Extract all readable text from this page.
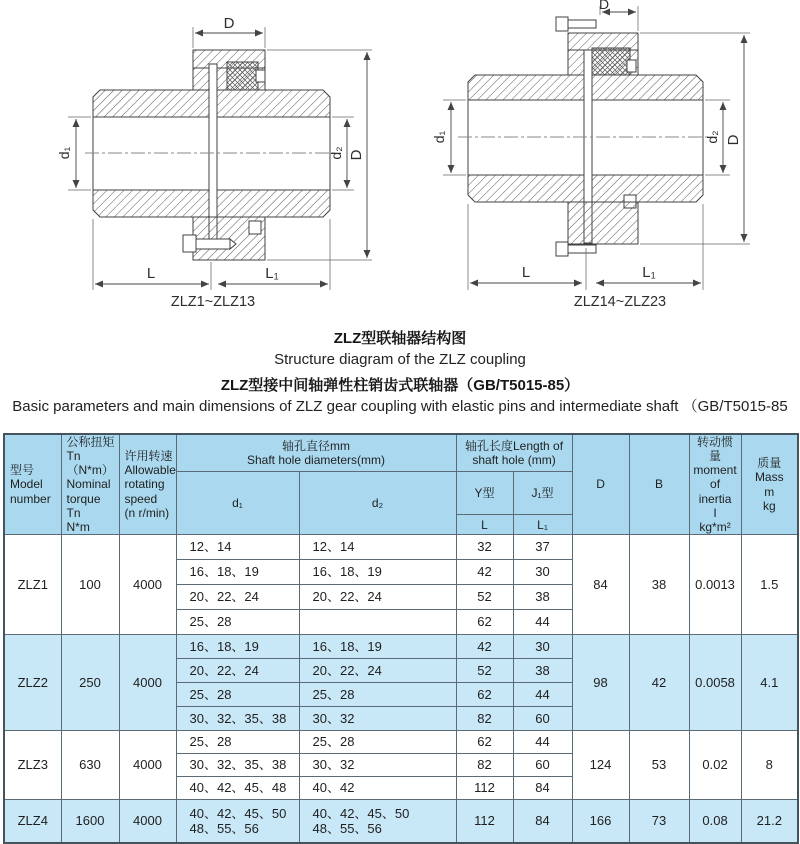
D
d₁	d₂ D
L	L₁
ZLZ1~ZLZ13
D
d₁	d₂ D
L	L₁
ZLZ14~ZLZ23
ZLZ型联轴器结构图
Structure diagram of the ZLZ coupling
ZLZ型接中间轴弹性柱销齿式联轴器（GB/T5015-85）
Basic parameters and main dimensions of ZLZ gear coupling with elastic pins and intermediate shaft （GB/T5015-85
型号
Model
number	公称扭矩
Tn（N*m）
Nominal
torque Tn
N*m	许用转速
Allowable
rotating
speed
(n r/min)	轴孔直径mm
Shaft hole diameters(mm)	轴孔长度Length of
shaft hole (mm)	D	B	转动惯量
moment
of
inertia
I
kg*m²	质量
Mass
m
kg
			d₁	d₂	Y型	J₁型				
					L	L₁				
ZLZ1	100	4000	12、14	12、14	32	37	84	38	0.0013	1.5
			16、18、19	16、18、19	42	30				
			20、22、24	20、22、24	52	38				
			25、28		62	44				
ZLZ2	250	4000	16、18、19	16、18、19	42	30	98	42	0.0058	4.1
			20、22、24	20、22、24	52	38				
			25、28	25、28	62	44				
			30、32、35、38	30、32	82	60				
ZLZ3	630	4000	25、28	25、28	62	44	124	53	0.02	8
			30、32、35、38	30、32	82	60				
			40、42、45、48	40、42	112	84				
ZLZ4	1600	4000	40、42、45、50
48、55、56	40、42、45、50
48、55、56	112	84	166	73	0.08	21.2
